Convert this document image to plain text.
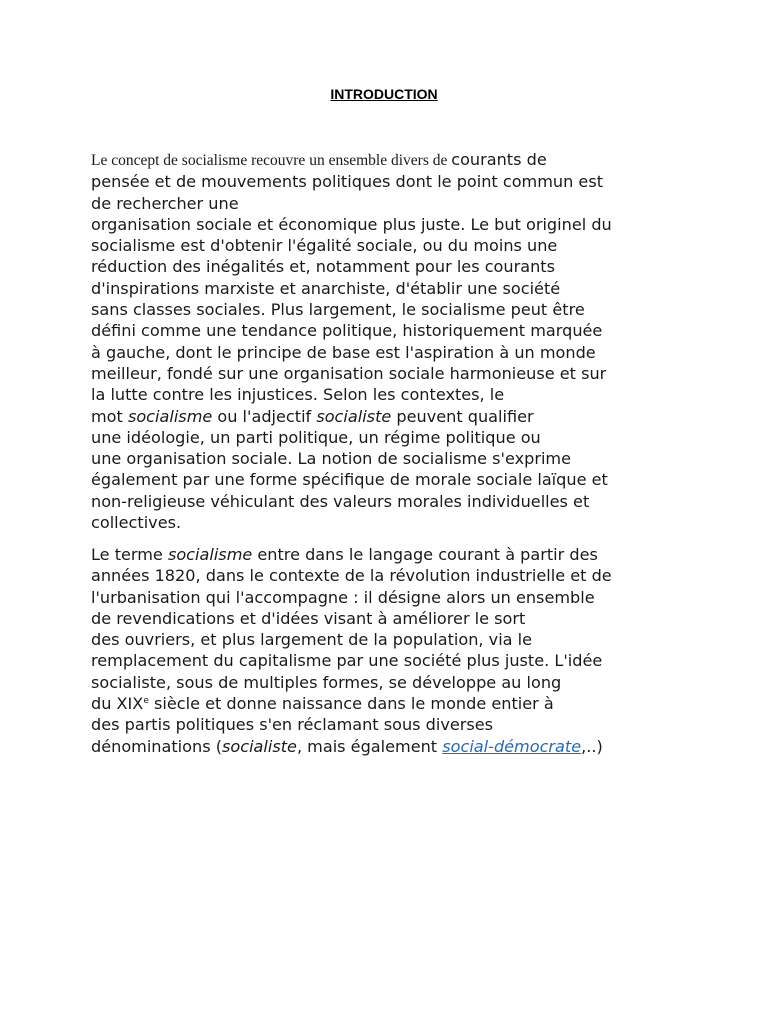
INTRODUCTION
Le concept de socialisme recouvre un ensemble divers de courants de
pensée et de mouvements politiques dont le point commun est
de rechercher une
organisation sociale et économique plus juste. Le but originel du
socialisme est d'obtenir l'égalité sociale, ou du moins une
réduction des inégalités et, notamment pour les courants
d'inspirations marxiste et anarchiste, d'établir une société
sans classes sociales. Plus largement, le socialisme peut être
défini comme une tendance politique, historiquement marquée
à gauche, dont le principe de base est l'aspiration à un monde
meilleur, fondé sur une organisation sociale harmonieuse et sur
la lutte contre les injustices. Selon les contextes, le
mot socialisme ou l'adjectif socialiste peuvent qualifier
une idéologie, un parti politique, un régime politique ou
une organisation sociale. La notion de socialisme s'exprime
également par une forme spécifique de morale sociale laïque et
non-religieuse véhiculant des valeurs morales individuelles et
collectives.
Le terme socialisme entre dans le langage courant à partir des
années 1820, dans le contexte de la révolution industrielle et de
l'urbanisation qui l'accompagne : il désigne alors un ensemble
de revendications et d'idées visant à améliorer le sort
des ouvriers, et plus largement de la population, via le
remplacement du capitalisme par une société plus juste. L'idée
socialiste, sous de multiples formes, se développe au long
du XIXe siècle et donne naissance dans le monde entier à
des partis politiques s'en réclamant sous diverses
dénominations (socialiste, mais également social-démocrate,..)
